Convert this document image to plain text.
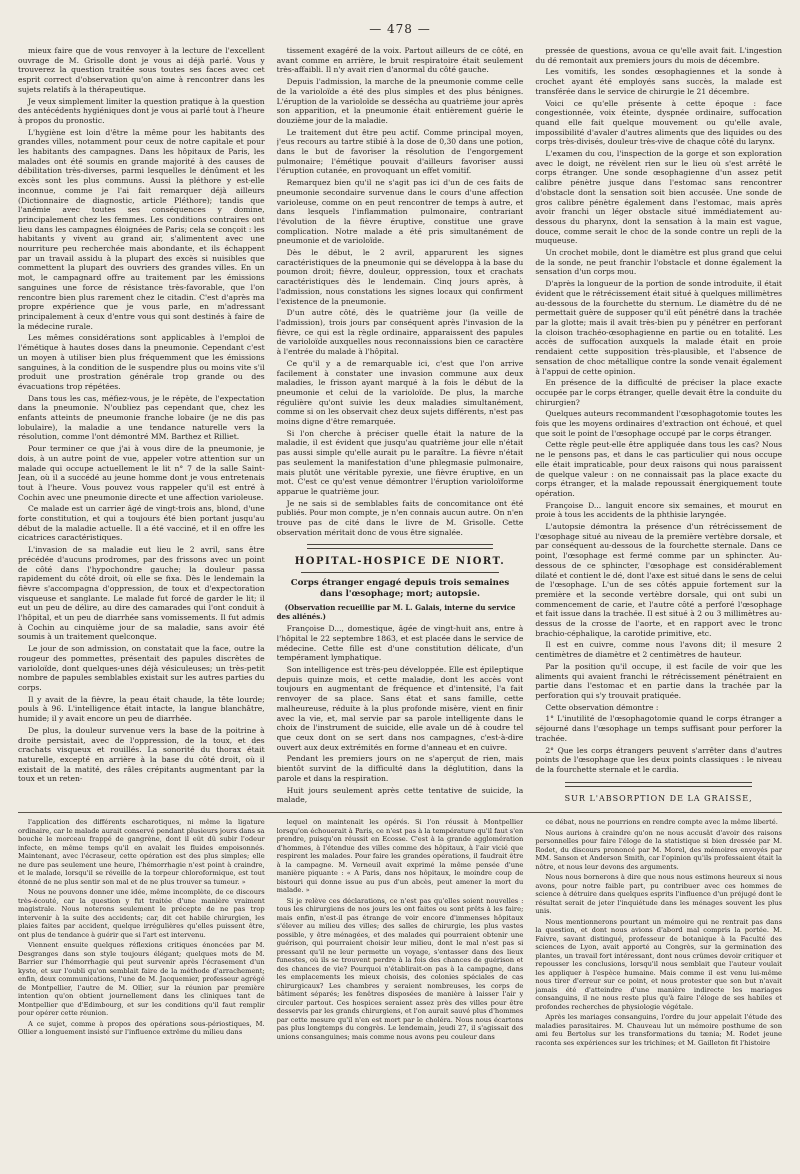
— 478 —

mieux faire que de vous renvoyer à la lecture de l'excellent ouvrage de M. Grisolle dont je vous ai déjà parlé. Vous y trouverez la question traitée sous toutes ses faces avec cet esprit correct d'observation qu'on aime à rencontrer dans les sujets relatifs à la thérapeutique.

Je veux simplement limiter la question pratique à la question des antécédents hygiéniques dont je vous ai parlé tout à l'heure à propos du pronostic.

L'hygiène est loin d'être la même pour les habitants des grandes villes, notamment pour ceux de notre capitale et pour les habitants des campagnes. Dans les hôpitaux de Paris, les malades ont été soumis en grande majorité à des causes de débilitation très-diverses, parmi lesquelles le dénûment et les excès sont les plus communs. Aussi la pléthore y est-elle inconnue, comme je l'ai fait remarquer déjà ailleurs (Dictionnaire de diagnostic, article Pléthore); tandis que l'anémie avec toutes ses conséquences y domine, principalement chez les femmes. Les conditions contraires ont lieu dans les campagnes éloignées de Paris; cela se conçoit : les habitants y vivent au grand air, s'alimentent avec une nourriture peu recherchée mais abondante, et ils échappent par un travail assidu à la plupart des excès si nuisibles que commettent la plupart des ouvriers des grandes villes. En un mot, le campagnard offre au traitement par les émissions sanguines une force de résistance très-favorable, que l'on rencontre bien plus rarement chez le citadin. C'est d'après ma propre expérience que je vous parle, en m'adressant principalement à ceux d'entre vous qui sont destinés à faire de la médecine rurale.

Les mêmes considérations sont applicables à l'emploi de l'émétique à hautes doses dans la pneumonie. Cependant c'est un moyen à utiliser bien plus fréquemment que les émissions sanguines, à la condition de le suspendre plus ou moins vite s'il produit une prostration générale trop grande ou des évacuations trop répétées.

Dans tous les cas, méfiez-vous, je le répète, de l'expectation dans la pneumonie. N'oubliez pas cependant que, chez les enfants atteints de pneumonie franche lobaire (je ne dis pas lobulaire), la maladie a une tendance naturelle vers la résolution, comme l'ont démontré MM. Barthez et Rilliet.

Pour terminer ce que j'ai à vous dire de la pneumonie, je dois, à un autre point de vue, appeler votre attention sur un malade qui occupe actuellement le lit n° 7 de la salle Saint-Jean, où il a succédé au jeune homme dont je vous entretenais tout à l'heure. Vous pouvez vous rappeler qu'il est entré à Cochin avec une pneumonie directe et une affection varioleuse.

Ce malade est un carrier âgé de vingt-trois ans, blond, d'une forte constitution, et qui a toujours été bien portant jusqu'au début de la maladie actuelle. Il a été vacciné, et il en offre les cicatrices caractéristiques.

L'invasion de sa maladie eut lieu le 2 avril, sans être précédée d'aucuns prodromes, par des frissons avec un point de côté dans l'hypochondre gauche; la douleur passa rapidement du côté droit, où elle se fixa. Dès le lendemain la fièvre s'accompagna d'oppression, de toux et d'expectoration visqueuse et sanglante. Le malade fut forcé de garder le lit; il eut un peu de délire, au dire des camarades qui l'ont conduit à l'hôpital, et un peu de diarrhée sans vomissements. Il fut admis à Cochin au cinquième jour de sa maladie, sans avoir été soumis à un traitement quelconque.

Le jour de son admission, on constatait que la face, outre la rougeur des pommettes, présentait des papules discrètes de varioloïde, dont quelques-unes déjà vésiculeuses; un très-petit nombre de papules semblables existait sur les autres parties du corps.

Il y avait de la fièvre, la peau était chaude, la tête lourde; pouls à 96. L'intelligence était intacte, la langue blanchâtre, humide; il y avait encore un peu de diarrhée.

De plus, la douleur survenue vers la base de la poitrine à droite persistait, avec de l'oppression, de la toux, et des crachats visqueux et rouillés. La sonorité du thorax était naturelle, excepté en arrière à la base du côté droit, où il existait de la matité, des râles crépitants augmentant par la toux et un reten-

tissement exagéré de la voix. Partout ailleurs de ce côté, en avant comme en arrière, le bruit respiratoire était seulement très-affaibli. Il n'y avait rien d'anormal du côté gauche.

Depuis l'admission, la marche de la pneumonie comme celle de la varioloïde a été des plus simples et des plus bénignes. L'éruption de la varioloïde se dessécha au quatrième jour après son apparition, et la pneumonie était entièrement guérie le douzième jour de la maladie.

Le traitement dut être peu actif. Comme principal moyen, j'eus recours au tartre stibié à la dose de 0,30 dans une potion, dans le but de favoriser la résolution de l'engorgement pulmonaire; l'émétique pouvait d'ailleurs favoriser aussi l'éruption cutanée, en provoquant un effet vomitif.

Remarquez bien qu'il ne s'agit pas ici d'un de ces faits de pneumonie secondaire survenue dans le cours d'une affection varioleuse, comme on en peut rencontrer de temps à autre, et dans lesquels l'inflammation pulmonaire, contrariant l'évolution de la fièvre éruptive, constitue une grave complication. Notre malade a été pris simultanément de pneumonie et de varioloïde.

Dès le début, le 2 avril, apparurent les signes caractéristiques de la pneumonie qui se développa à la base du poumon droit; fièvre, douleur, oppression, toux et crachats caractéristiques dès le lendemain. Cinq jours après, à l'admission, nous constations les signes locaux qui confirment l'existence de la pneumonie.

D'un autre côté, dès le quatrième jour (la veille de l'admission), trois jours par conséquent après l'invasion de la fièvre, ce qui est la règle ordinaire, apparaissent des papules de varioloïde auxquelles nous reconnaissions bien ce caractère à l'entrée du malade à l'hôpital.

Ce qu'il y a de remarquable ici, c'est que l'on arrive facilement à constater une invasion commune aux deux maladies, le frisson ayant marqué à la fois le début de la pneumonie et celui de la varioloïde. De plus, la marche régulière qu'ont suivie les deux maladies simultanément, comme si on les observait chez deux sujets différents, n'est pas moins digne d'être remarquée.

Si l'on cherche à préciser quelle était la nature de la maladie, il est évident que jusqu'au quatrième jour elle n'était pas aussi simple qu'elle aurait pu le paraître. La fièvre n'était pas seulement la manifestation d'une phlegmasie pulmonaire, mais plutôt une véritable pyrexie, une fièvre éruptive, en un mot. C'est ce qu'est venue démontrer l'éruption varioloïforme apparue le quatrième jour.

Je ne sais si de semblables faits de concomitance ont été publiés. Pour mon compte, je n'en connais aucun autre. On n'en trouve pas de cité dans le livre de M. Grisolle. Cette observation méritait donc de vous être signalée.

HOPITAL-HOSPICE DE NIORT.
Corps étranger engagé depuis trois semaines dans l'œsophage; mort; autopsie.
(Observation recueillie par M. L. Galais, interne du service des aliénés.)

Françoise D..., domestique, âgée de vingt-huit ans, entre à l'hôpital le 22 septembre 1863, et est placée dans le service de médecine. Cette fille est d'une constitution délicate, d'un tempérament lymphatique.

Son intelligence est très-peu développée. Elle est épileptique depuis quinze mois, et cette maladie, dont les accès vont toujours en augmentant de fréquence et d'intensité, l'a fait renvoyer de sa place. Sans état et sans famille, cette malheureuse, réduite à la plus profonde misère, vient en finir avec la vie, et, mal servie par sa parole intelligente dans le choix de l'instrument de suicide, elle avale un dé à coudre tel que ceux dont on se sert dans nos campagnes, c'est-à-dire ouvert aux deux extrémités en forme d'anneau et en cuivre.

Pendant les premiers jours on ne s'aperçut de rien, mais bientôt survint de la difficulté dans la déglutition, dans la parole et dans la respiration.

Huit jours seulement après cette tentative de suicide, la malade,

pressée de questions, avoua ce qu'elle avait fait. L'ingestion du dé remontait aux premiers jours du mois de décembre.

Les vomitifs, les sondes œsophagiennes et la sonde à crochet ayant été employés sans succès, la malade est transférée dans le service de chirurgie le 21 décembre.

Voici ce qu'elle présente à cette époque : face congestionnée, voix éteinte, dyspnée ordinaire, suffocation quand elle fait quelque mouvement ou qu'elle avale, impossibilité d'avaler d'autres aliments que des liquides ou des corps très-divisés, douleur très-vive de chaque côté du larynx.

L'examen du cou, l'inspection de la gorge et son exploration avec le doigt, ne révèlent rien sur le lieu où s'est arrêté le corps étranger. Une sonde œsophagienne d'un assez petit calibre pénètre jusque dans l'estomac sans rencontrer d'obstacle dont la sensation soit bien accusée. Une sonde de gros calibre pénètre également dans l'estomac, mais après avoir franchi un léger obstacle situé immédiatement au-dessous du pharynx, dont la sensation à la main est vague, douce, comme serait le choc de la sonde contre un repli de la muqueuse.

Un crochet mobile, dont le diamètre est plus grand que celui de la sonde, ne peut franchir l'obstacle et donne également la sensation d'un corps mou.

D'après la longueur de la portion de sonde introduite, il était évident que le rétrécissement était situé à quelques millimètres au-dessous de la fourchette du sternum. Le diamètre du dé ne permettait guère de supposer qu'il eût pénétré dans la trachée par la glotte; mais il avait très-bien pu y pénétrer en perforant la cloison trachéo-œsophagienne en partie ou en totalité. Les accès de suffocation auxquels la malade était en proie rendaient cette supposition très-plausible, et l'absence de sensation de choc métallique contre la sonde venait également à l'appui de cette opinion.

En présence de la difficulté de préciser la place exacte occupée par le corps étranger, quelle devait être la conduite du chirurgien?

Quelques auteurs recommandent l'œsophagotomie toutes les fois que les moyens ordinaires d'extraction ont échoué, et quel que soit le point de l'œsophage occupé par le corps étranger.

Cette règle peut-elle être appliquée dans tous les cas? Nous ne le pensons pas, et dans le cas particulier qui nous occupe elle était impraticable, pour deux raisons qui nous paraissent de quelque valeur : on ne connaissait pas la place exacte du corps étranger, et la malade repoussait énergiquement toute opération.

Françoise D... languit encore six semaines, et mourut en proie à tous les accidents de la phthisie laryngée.

L'autopsie démontra la présence d'un rétrécissement de l'œsophage situé au niveau de la première vertèbre dorsale, et par conséquent au-dessous de la fourchette sternale. Dans ce point, l'œsophage est fermé comme par un sphincter. Au-dessous de ce sphincter, l'œsophage est considérablement dilaté et contient le dé, dont l'axe est situé dans le sens de celui de l'œsophage. L'un de ses côtés appuie fortement sur la première et la seconde vertèbre dorsale, qui ont subi un commencement de carie, et l'autre côté a perforé l'œsophage et fait issue dans la trachée. Il est situé à 2 ou 3 millimètres au-dessus de la crosse de l'aorte, et en rapport avec le tronc brachio-céphalique, la carotide primitive, etc.

Il est en cuivre, comme nous l'avons dit; il mesure 2 centimètres de diamètre et 2 centimètres de hauteur.

Par la position qu'il occupe, il est facile de voir que les aliments qui avaient franchi le rétrécissement pénétraient en partie dans l'estomac et en partie dans la trachée par la perforation qui s'y trouvait pratiquée.

Cette observation démontre :

1° L'inutilité de l'œsophagotomie quand le corps étranger a séjourné dans l'œsophage un temps suffisant pour perforer la trachée.

2° Que les corps étrangers peuvent s'arrêter dans d'autres points de l'œsophage que les deux points classiques : le niveau de la fourchette sternale et le cardia.

SUR L'ABSORPTION DE LA GRAISSE,

l'application des différents escharotiques, ni même la ligature ordinaire, car le malade aurait conservé pendant plusieurs jours dans sa bouche le morceau frappé de gangrène, dont il eût dû subir l'odeur infecte, en même temps qu'il en avalait les fluides empoisonnés. Maintenant, avec l'écraseur, cette opération est des plus simples; elle ne dure pas seulement une heure, l'hémorrhagie n'est point à craindre, et le malade, lorsqu'il se réveille de la torpeur chloroformique, est tout étonné de ne plus sentir son mal et de ne plus trouver sa tumeur. »

Nous ne pouvons donner une idée, même incomplète, de ce discours très-écouté, car la question y fut traitée d'une manière vraiment magistrale. Nous noterons seulement le précepte de ne pas trop intervenir à la suite des accidents; car, dit cet habile chirurgien, les plaies faites par accident, quelque irrégulières qu'elles puissent être, ont plus de tendance à guérir que si l'art est intervenu.

Viennent ensuite quelques réflexions critiques énoncées par M. Desgranges dans son style toujours élégant; quelques mots de M. Barrier sur l'hémorrhagie qui peut survenir après l'écrasement d'un kyste, et sur l'oubli qu'on semblait faire de la méthode d'arrachement; enfin, deux communications, l'une de M. Jacquemier, professeur agrégé de Montpellier, l'autre de M. Ollier, sur la réunion par première intention qu'on obtient journellement dans les cliniques tant de Montpellier que d'Edimbourg, et sur les conditions qu'il faut remplir pour opérer cette réunion.

A ce sujet, comme à propos des opérations sous-périostiques, M. Ollier a longuement insisté sur l'influence extrême du milieu dans

lequel on maintenait les opérés. Si l'on réussit à Montpellier lorsqu'on échouerait à Paris, ce n'est pas à la température qu'il faut s'en prendre, puisqu'on réussit en Ecosse. C'est à la grande agglomération d'hommes, à l'étendue des villes comme des hôpitaux, à l'air vicié que respirent les malades. Pour faire les grandes opérations, il faudrait être à la campagne. M. Verneuil avait exprimé la même pensée d'une manière piquante : « A Paris, dans nos hôpitaux, le moindre coup de bistouri qui donne issue au pus d'un abcès, peut amener la mort du malade. »

Si je relève ces déclarations, ce n'est pas qu'elles soient nouvelles : tous les chirurgiens de nos jours les ont faites ou sont prêts à les faire; mais enfin, n'est-il pas étrange de voir encore d'immenses hôpitaux s'élever au milieu des villes; des salles de chirurgie, les plus vastes possible, y être ménagées, et des malades qui pourraient obtenir une guérison, qui pourraient choisir leur milieu, dont le mal n'est pas si pressant qu'il ne leur permette un voyage, s'entasser dans des lieux funestes, où ils se trouvent perdre à la fois des chances de guérison et des chances de vie? Pourquoi n'établirait-on pas à la campagne, dans les emplacements les mieux choisis, des colonies spéciales de cas chirurgicaux? Les chambres y seraient nombreuses, les corps de bâtiment séparés; les fenêtres disposées de manière à laisser l'air y circuler partout. Ces hospices seraient assez près des villes pour être desservis par les grands chirurgiens, et l'on aurait sauvé plus d'hommes par cette mesure qu'il n'en est mort par le choléra. Nous nous écartons pas plus longtemps du congrès. Le lendemain, jeudi 27, il s'agissait des unions consanguines; mais comme nous avons peu couleur dans

ce débat, nous ne pourrions en rendre compte avec la même liberté.

Nous aurions à craindre qu'on ne nous accusât d'avoir des raisons personnelles pour faire l'éloge de la statistique si bien dressée par M. Rodet, du discours prononcé par M. Morel, des mémoires envoyés par MM. Sanson et Anderson Smith, car l'opinion qu'ils professaient était la nôtre, et nous leur devons des arguments.

Nous nous bornerons à dire que nous nous estimons heureux si nous avons, pour notre faible part, pu contribuer avec ces hommes de science à détruire dans quelques esprits l'influence d'un préjugé dont le résultat serait de jeter l'inquiétude dans les ménages souvent les plus unis.

Nous mentionnerons pourtant un mémoire qui ne rentrait pas dans la question, et dont nous avions d'abord mal compris la portée. M. Faivre, savant distingué, professeur de botanique à la Faculté des sciences de Lyon, avait apporté au Congrès, sur la germination des plantes, un travail fort intéressant, dont nous crûmes devoir critiquer et repousser les conclusions, lorsqu'il nous semblait que l'auteur voulait les appliquer à l'espèce humaine. Mais comme il est venu lui-même nous tirer d'erreur sur ce point, et nous protester que son but n'avait jamais été d'atteindre d'une manière indirecte les mariages consanguins, il ne nous reste plus qu'à faire l'éloge de ses habiles et profondes recherches de physiologie végétale.

Après les mariages consanguins, l'ordre du jour appelait l'étude des maladies parasitaires. M. Chauveau lut un mémoire posthume de son ami feu Bertolus sur les transformations du tænia; M. Rodet jeune raconta ses expériences sur les trichines; et M. Gailleton fit l'histoire
